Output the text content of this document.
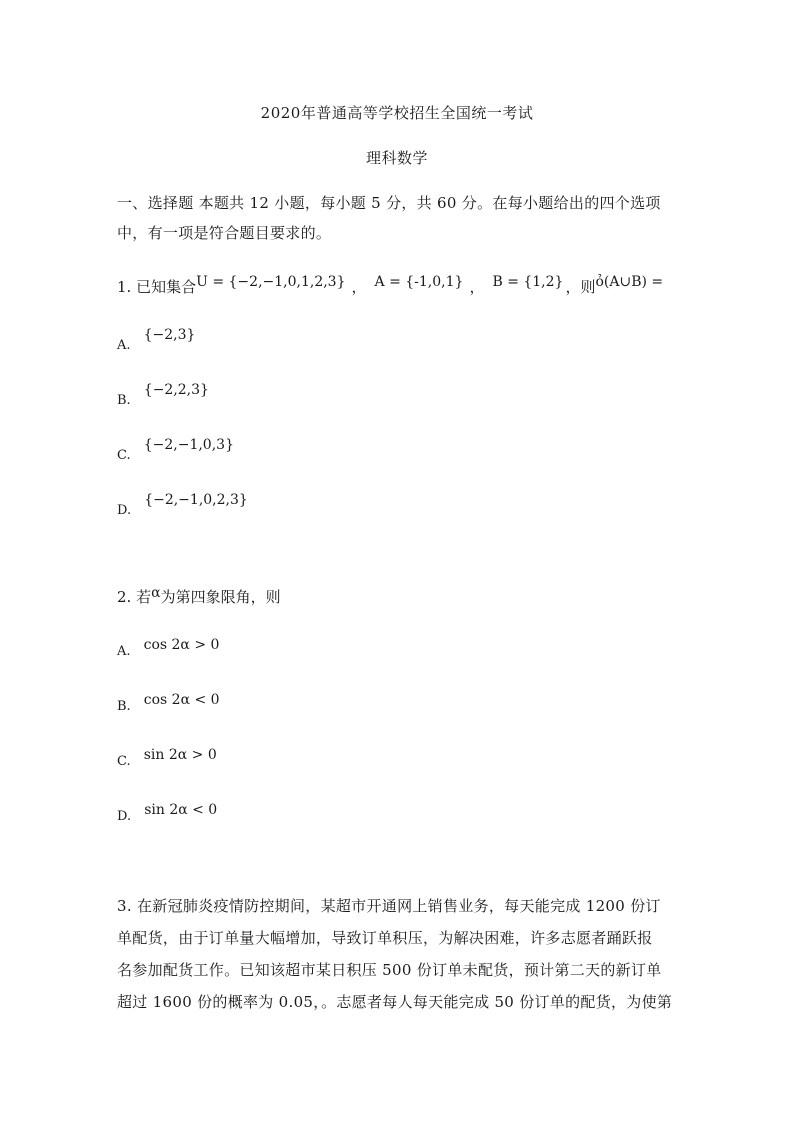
2020年普通高等学校招生全国统一考试
理科数学
一、选择题 本题共 12 小题，每小题 5 分，共 60 分。在每小题给出的四个选项
中，有一项是符合题目要求的。
1. 已知集合U = {−2,−1,0,1,2,3} ， A = {-1,0,1} ， B = {1,2} ，则ỏ(A∪B) =
$_{A.}$ {−2,3}
$_{B.}$ {−2,2,3}
$_{C.}$ {−2,−1,0,3}
$_{D.}$ {−2,−1,0,2,3}
2. 若α为第四象限角，则
$_{A.}$ cos 2α > 0
$_{B.}$ cos 2α < 0
$_{C.}$ sin 2α > 0
$_{D.}$ sin 2α < 0
3. 在新冠肺炎疫情防控期间，某超市开通网上销售业务，每天能完成 1200 份订
单配货，由于订单量大幅增加，导致订单积压，为解决困难，许多志愿者踊跃报
名参加配货工作。已知该超市某日积压 500 份订单未配货，预计第二天的新订单
超过 1600 份的概率为 0.05，。志愿者每人每天能完成 50 份订单的配货，为使第
